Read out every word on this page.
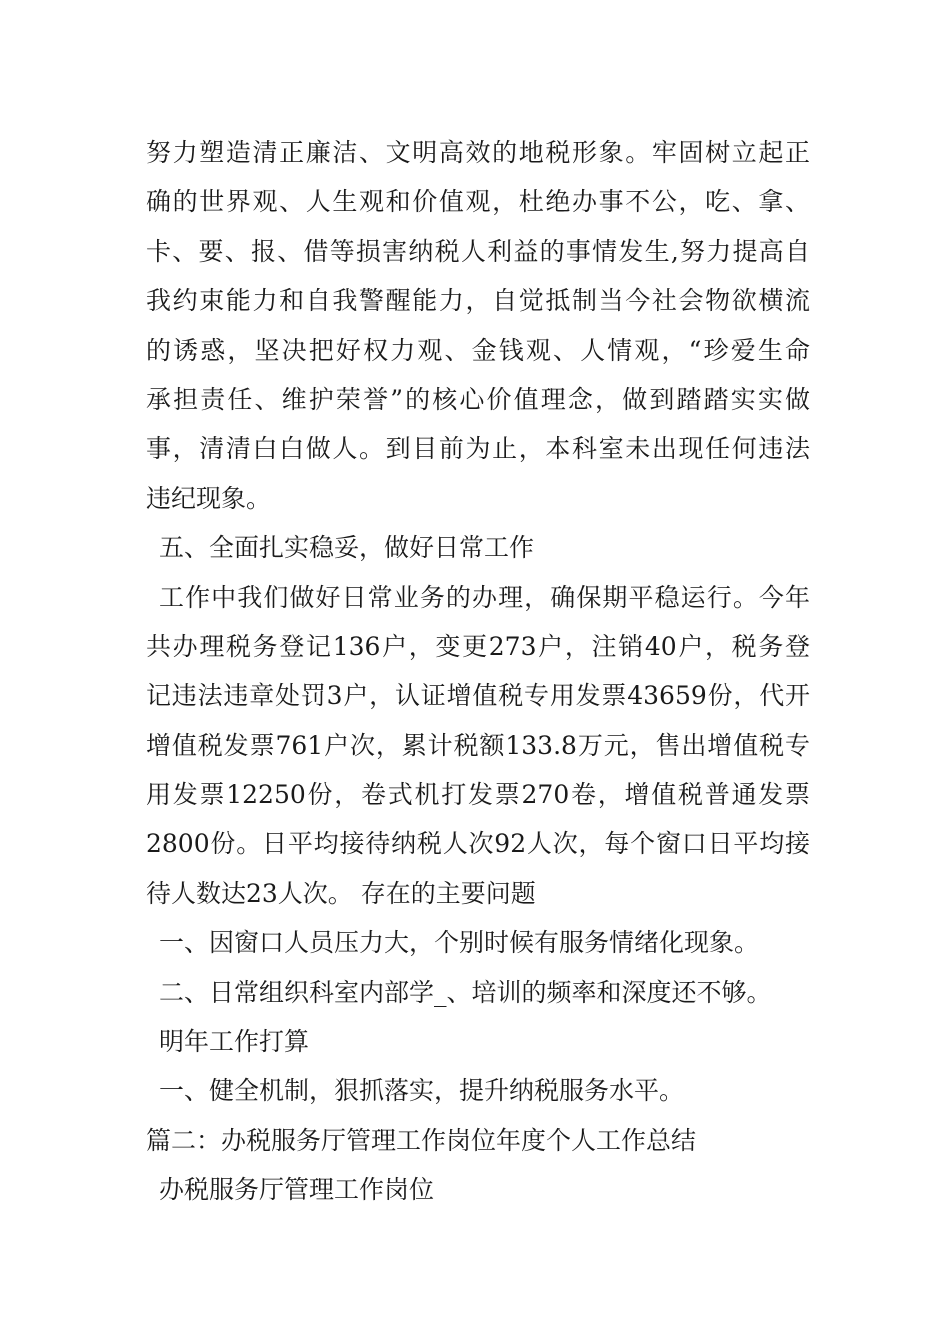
努力塑造清正廉洁、文明高效的地税形象。牢固树立起正
确的世界观、人生观和价值观，杜绝办事不公，吃、拿、
卡、要、报、借等损害纳税人利益的事情发生,努力提高自
我约束能力和自我警醒能力，自觉抵制当今社会物欲横流
的诱惑，坚决把好权力观、金钱观、人情观，“珍爱生命
承担责任、维护荣誉”的核心价值理念，做到踏踏实实做
事，清清白白做人。到目前为止，本科室未出现任何违法
违纪现象。
五、全面扎实稳妥，做好日常工作
工作中我们做好日常业务的办理，确保期平稳运行。今年
共办理税务登记136户，变更273户，注销40户，税务登
记违法违章处罚3户，认证增值税专用发票43659份，代开
增值税发票761户次，累计税额133.8万元，售出增值税专
用发票12250份，卷式机打发票270卷，增值税普通发票
2800份。日平均接待纳税人次92人次，每个窗口日平均接
待人数达23人次。 存在的主要问题
一、因窗口人员压力大，个别时候有服务情绪化现象。
二、日常组织科室内部学_、培训的频率和深度还不够。
明年工作打算
一、健全机制，狠抓落实，提升纳税服务水平。
篇二：办税服务厅管理工作岗位年度个人工作总结
办税服务厅管理工作岗位
